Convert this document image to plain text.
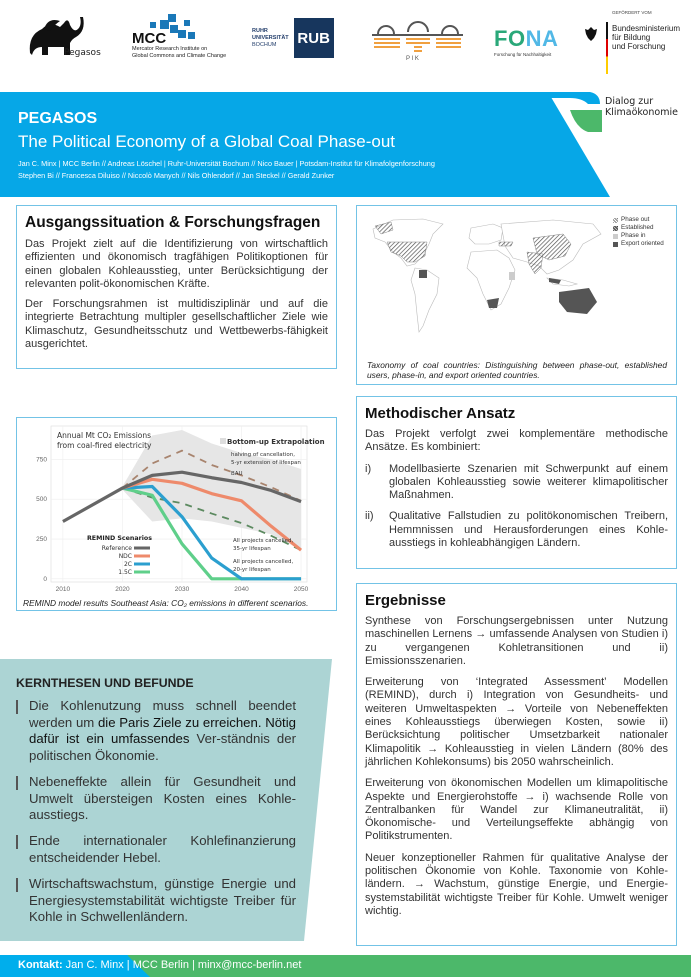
Pegasos
MCC
Mercator Research Institute on
Global Commons and Climate Change
RUHR
UNIVERSITÄT
BOCHUM	RUB
P I K
FONA
Forschung für Nachhaltigkeit
GEFÖRDERT VOM
Bundesministerium
für Bildung
und Forschung
Dialog zur
Klimaökonomie
PEGASOS
The Political Economy of a Global Coal Phase-out
Jan C. Minx | MCC Berlin // Andreas Löschel | Ruhr-Universität Bochum // Nico Bauer | Potsdam-Institut für Klimafolgenforschung
Stephen Bi // Francesca Diluiso // Niccolò Manych // Nils Ohlendorf // Jan Steckel // Gerald Zunker
Ausgangssituation & Forschungsfragen
Das Projekt zielt auf die Identifizierung von wirtschaftlich effizienten und ökonomisch tragfähigen Politikoptionen für einen globalen Kohleausstieg, unter Berücksichtigung der relevanten polit-ökonomischen Kräfte.
Der Forschungsrahmen ist multidisziplinär und auf die integrierte Betrachtung multipler gesellschaftlicher Ziele wie Klimaschutz, Gesundheitsschutz und Wettbewerbs-fähigkeit ausgerichtet.
Phase out
Established
Phase in
Export oriented
Taxonomy of coal countries: Distinguishing between phase-out, established users, phase-in, and export oriented countries.
2010	2020	2030	2040	2050
0
250
500
750
Annual Mt CO₂ Emissions
from coal-fired electricity	Bottom-up Extrapolation
halving of cancellation,
5-yr extension of lifespan
BAU
All projects cancelled,
35-yr lifespan
All projects cancelled,
20-yr lifespan
REMIND Scenarios
Reference
NDC
2C
1.5C
REMIND model results Southeast Asia: CO₂ emissions in different scenarios.
Methodischer Ansatz
Das Projekt verfolgt zwei komplementäre methodische Ansätze. Es kombiniert:
i)	Modellbasierte Szenarien mit Schwerpunkt auf einem globalen Kohleausstieg sowie weiterer klimapolitischer Maßnahmen.
ii)	Qualitative Fallstudien zu politökonomischen Treibern, Hemmnissen und Herausforderungen eines Kohle-ausstiegs in kohleabhängigen Ländern.
KERNTHESEN UND BEFUNDE
Die Kohlenutzung muss schnell beendet werden um die Paris Ziele zu erreichen. Nötig dafür ist ein umfassendes Ver-ständnis der politischen Ökonomie.
Nebeneffekte allein für Gesundheit und Umwelt übersteigen Kosten eines Kohle-ausstiegs.
Ende internationaler Kohlefinanzierung entscheidender Hebel.
Wirtschaftswachstum, günstige Energie und Energiesystemstabilität wichtigste Treiber für Kohle in Schwellenländern.
Ergebnisse
Synthese von Forschungsergebnissen unter Nutzung maschinellen Lernens → umfassende Analysen von Studien i) zu vergangenen Kohletransitionen und ii) Emissionsszenarien.
Erweiterung von ‘Integrated Assessment’ Modellen (REMIND), durch i) Integration von Gesundheits- und weiteren Umweltaspekten → Vorteile von Nebeneffekten eines Kohleausstiegs überwiegen Kosten, sowie ii) Berücksichtung politischer Umsetzbarkeit nationaler Klimapolitik → Kohleausstieg in vielen Ländern (80% des jährlichen Kohlekonsums) bis 2050 wahrscheinlich.
Erweiterung von ökonomischen Modellen um klimapolitische Aspekte und Energierohstoffe → i) wachsende Rolle von Zentralbanken für Wandel zur Klimaneutralität, ii) Ökonomische- und Verteilungseffekte abhängig von Politikstrumenten.
Neuer konzeptioneller Rahmen für qualitative Analyse der politischen Ökonomie von Kohle. Taxonomie von Kohle-ländern. → Wachstum, günstige Energie, und Energie-systemstabilität wichtigste Treiber für Kohle. Umwelt weniger wichtig.
Kontakt: Jan C. Minx | MCC Berlin | minx@mcc-berlin.net
